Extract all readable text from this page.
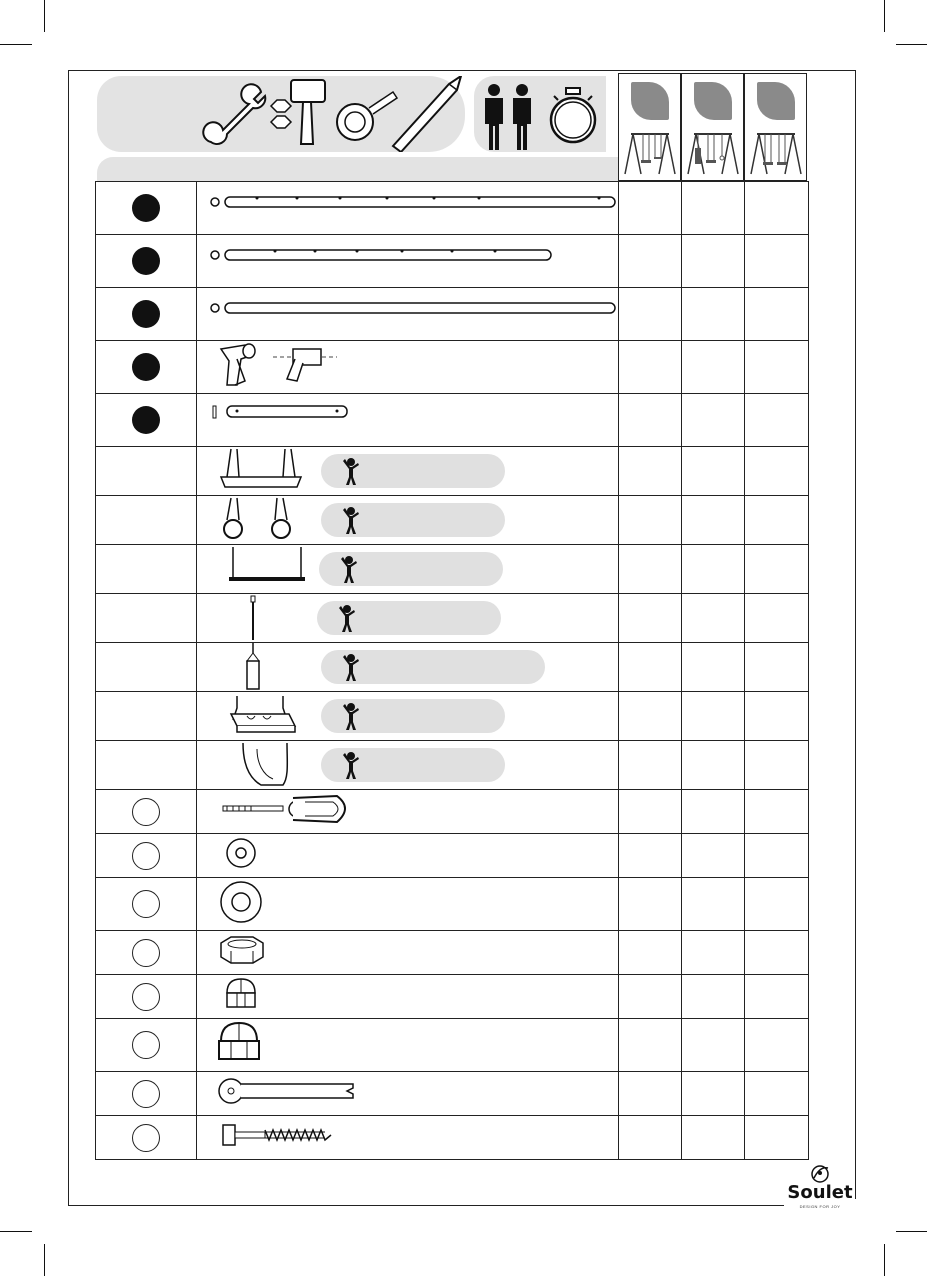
Soulet
DESIGN FOR JOY
